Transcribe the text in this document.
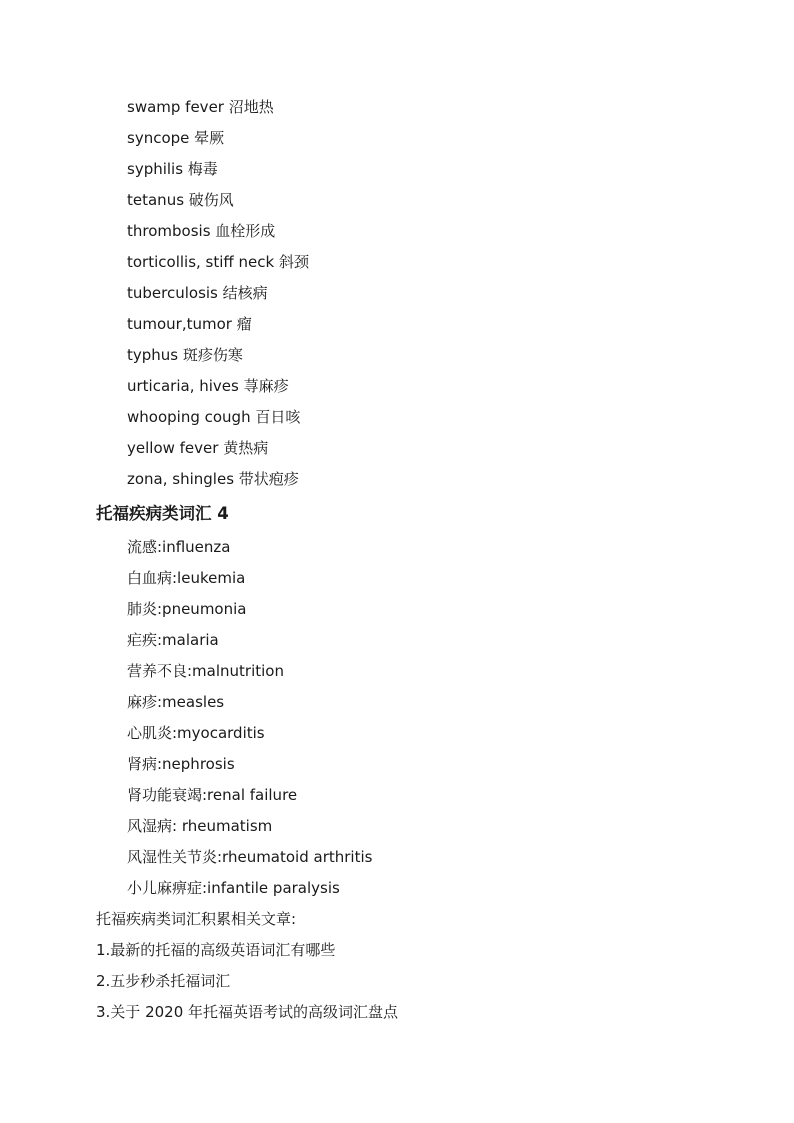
swamp fever 沼地热
syncope 晕厥
syphilis 梅毒
tetanus 破伤风
thrombosis 血栓形成
torticollis, stiff neck 斜颈
tuberculosis 结核病
tumour,tumor 瘤
typhus 斑疹伤寒
urticaria, hives 荨麻疹
whooping cough 百日咳
yellow fever 黄热病
zona, shingles 带状疱疹
托福疾病类词汇 4
流感:influenza
白血病:leukemia
肺炎:pneumonia
疟疾:malaria
营养不良:malnutrition
麻疹:measles
心肌炎:myocarditis
肾病:nephrosis
肾功能衰竭:renal failure
风湿病: rheumatism
风湿性关节炎:rheumatoid arthritis
小儿麻痹症:infantile paralysis
托福疾病类词汇积累相关文章:
1.最新的托福的高级英语词汇有哪些
2.五步秒杀托福词汇
3.关于 2020 年托福英语考试的高级词汇盘点
